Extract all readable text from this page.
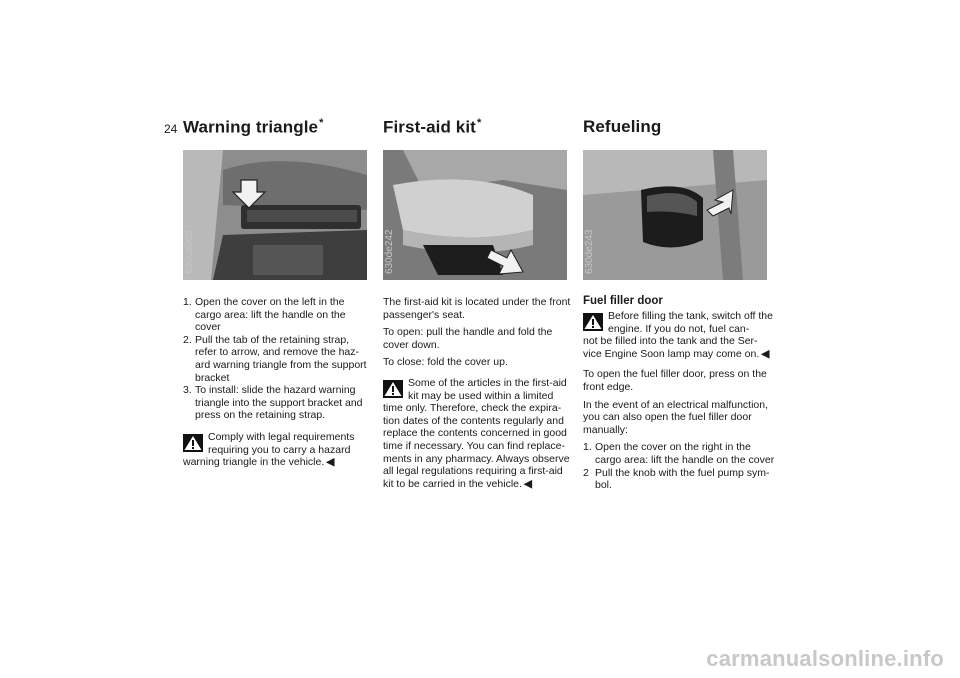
24 Warning triangle*
630us065
1. Open the cover on the left in the cargo area: lift the handle on the cover
2. Pull the tab of the retaining strap, refer to arrow, and remove the haz-ard warning triangle from the support bracket
3. To install: slide the hazard warning triangle into the support bracket and press on the retaining strap.
Comply with legal requirements requiring you to carry a hazard
warning triangle in the vehicle. ◀
First-aid kit*
630de242

The first-aid kit is located under the front passenger's seat.

To open: pull the handle and fold the cover down.

To close: fold the cover up.

Some of the articles in the first-aid kit may be used within a limited
time only. Therefore, check the expira-tion dates of the contents regularly and replace the contents concerned in good time if necessary. You can find replace-ments in any pharmacy. Always observe all legal regulations requiring a first-aid kit to be carried in the vehicle. ◀
Refueling
630de243
Fuel filler door
Before filling the tank, switch off the engine. If you do not, fuel can-
not be filled into the tank and the Ser-vice Engine Soon lamp may come on. ◀

To open the fuel filler door, press on the front edge.

In the event of an electrical malfunction, you can also open the fuel filler door manually:

1. Open the cover on the right in the cargo area: lift the handle on the cover
2 Pull the knob with the fuel pump sym-bol.
carmanualsonline.info
